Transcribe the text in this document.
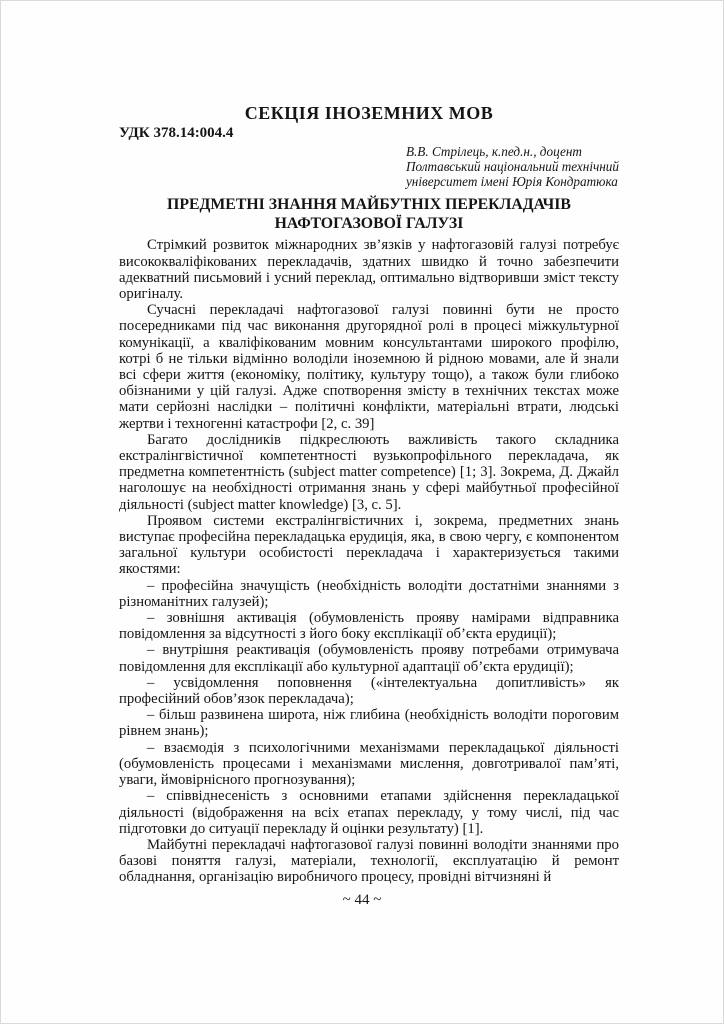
СЕКЦІЯ ІНОЗЕМНИХ МОВ
УДК 378.14:004.4
В.В. Стрілець, к.пед.н., доцент
Полтавський національний технічний
університет імені Юрія Кондратюка
ПРЕДМЕТНІ ЗНАННЯ МАЙБУТНІХ ПЕРЕКЛАДАЧІВ
НАФТОГАЗОВОЇ ГАЛУЗІ

Стрімкий розвиток міжнародних зв’язків у нафтогазовій галузі потребує висококваліфікованих перекладачів, здатних швидко й точно забезпечити адекватний письмовий і усний переклад, оптимально відтворивши зміст тексту оригіналу.

Сучасні перекладачі нафтогазової галузі повинні бути не просто посередниками під час виконання другорядної ролі в процесі міжкультурної комунікації, а кваліфікованим мовним консультантами широкого профілю, котрі б не тільки відмінно володіли іноземною й рідною мовами, але й знали всі сфери життя (економіку, політику, культуру тощо), а також були глибоко обізнаними у цій галузі. Адже спотворення змісту в технічних текстах може мати серйозні наслідки – політичні конфлікти, матеріальні втрати, людські жертви і техногенні катастрофи [2, с. 39]

Багато дослідників підкреслюють важливість такого складника екстралінгвістичної компетентності вузькопрофільного перекладача, як предметна компетентність (subject matter competence) [1; 3]. Зокрема, Д. Джайл наголошує на необхідності отримання знань у сфері майбутньої професійної діяльності (subject matter knowledge) [3, с. 5].

Проявом системи екстралінгвістичних і, зокрема, предметних знань виступає професійна перекладацька ерудиція, яка, в свою чергу, є компонентом загальної культури особистості перекладача і характеризується такими якостями:

– професійна значущість (необхідність володіти достатніми знаннями з різноманітних галузей);

– зовнішня активація (обумовленість прояву намірами відправника повідомлення за відсутності з його боку експлікації об’єкта ерудиції);

– внутрішня реактивація (обумовленість прояву потребами отримувача повідомлення для експлікації або культурної адаптації об’єкта ерудиції);

– усвідомлення поповнення («інтелектуальна допитливість» як професійний обов’язок перекладача);

– більш развинена широта, ніж глибина (необхідність володіти пороговим рівнем знань);

– взаємодія з психологічними механізмами перекладацької діяльності (обумовленість процесами і механізмами мислення, довготривалої пам’яті, уваги, ймовірнісного прогнозування);

– співвіднесеність з основними етапами здійснення перекладацької діяльності (відображення на всіх етапах перекладу, у тому числі, під час підготовки до ситуації перекладу й оцінки результату) [1].

Майбутні перекладачі нафтогазової галузі повинні володіти знаннями про базові поняття галузі, матеріали, технології, експлуатацію й ремонт обладнання, організацію виробничого процесу, провідні вітчизняні й

~ 44 ~
